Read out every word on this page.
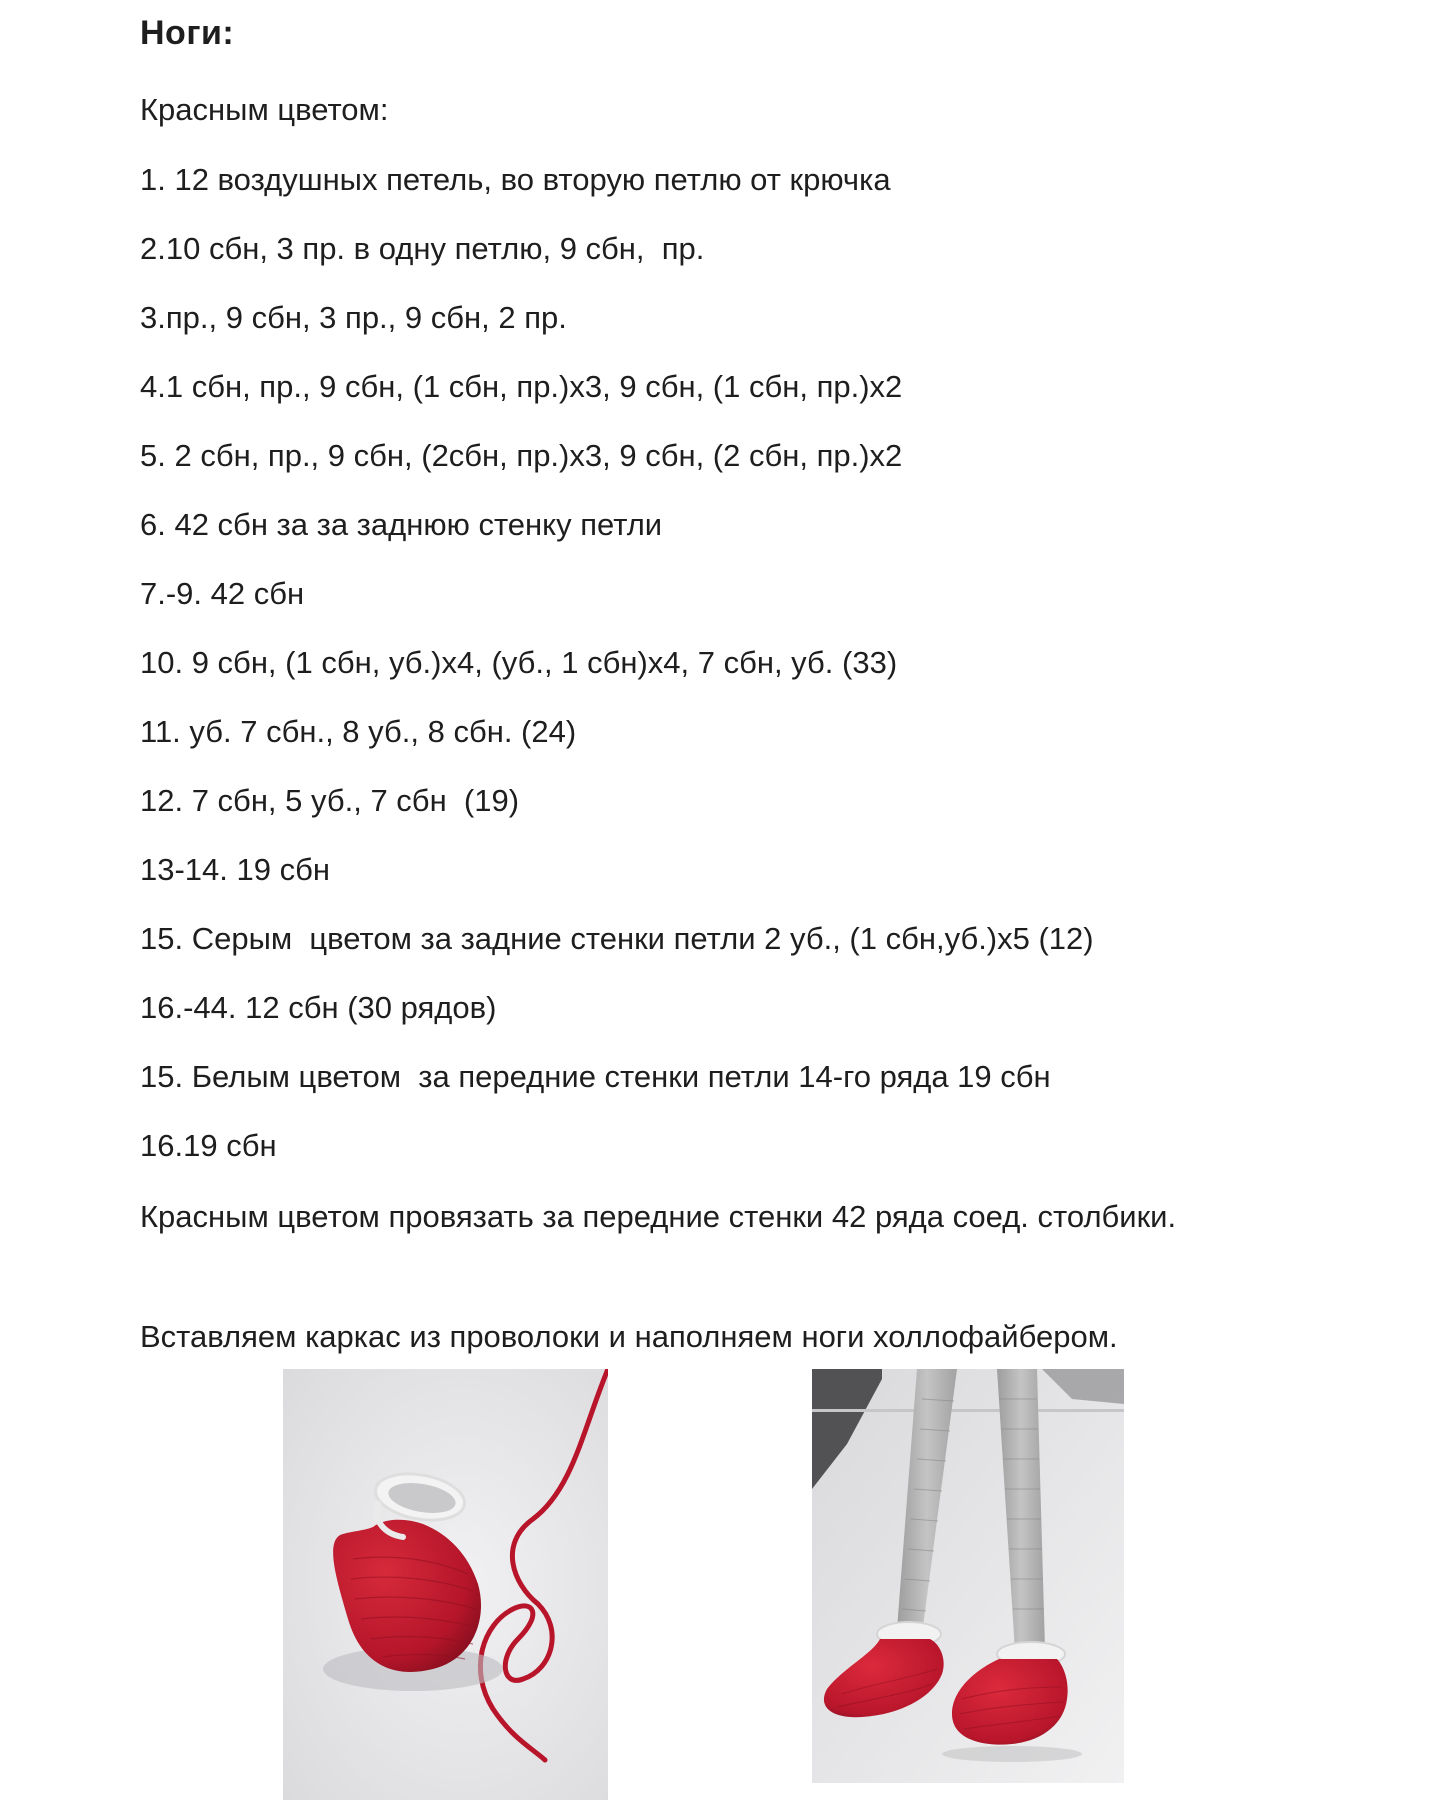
Ноги:
Красным цветом:
1. 12 воздушных петель, во вторую петлю от крючка
2.10 сбн, 3 пр. в одну петлю, 9 сбн,  пр.
3.пр., 9 сбн, 3 пр., 9 сбн, 2 пр.
4.1 сбн, пр., 9 сбн, (1 сбн, пр.)х3, 9 сбн, (1 сбн, пр.)х2
5. 2 сбн, пр., 9 сбн, (2сбн, пр.)х3, 9 сбн, (2 сбн, пр.)х2
6. 42 сбн за за заднюю стенку петли
7.-9. 42 сбн
10. 9 сбн, (1 сбн, уб.)х4, (уб., 1 сбн)х4, 7 сбн, уб. (33)
11. уб. 7 сбн., 8 уб., 8 сбн. (24)
12. 7 сбн, 5 уб., 7 сбн  (19)
13-14. 19 сбн
15. Серым  цветом за задние стенки петли 2 уб., (1 сбн,уб.)х5 (12)
16.-44. 12 сбн (30 рядов)
15. Белым цветом  за передние стенки петли 14-го ряда 19 сбн
16.19 сбн
Красным цветом провязать за передние стенки 42 ряда соед. столбики.
Вставляем каркас из проволоки и наполняем ноги холлофайбером.
